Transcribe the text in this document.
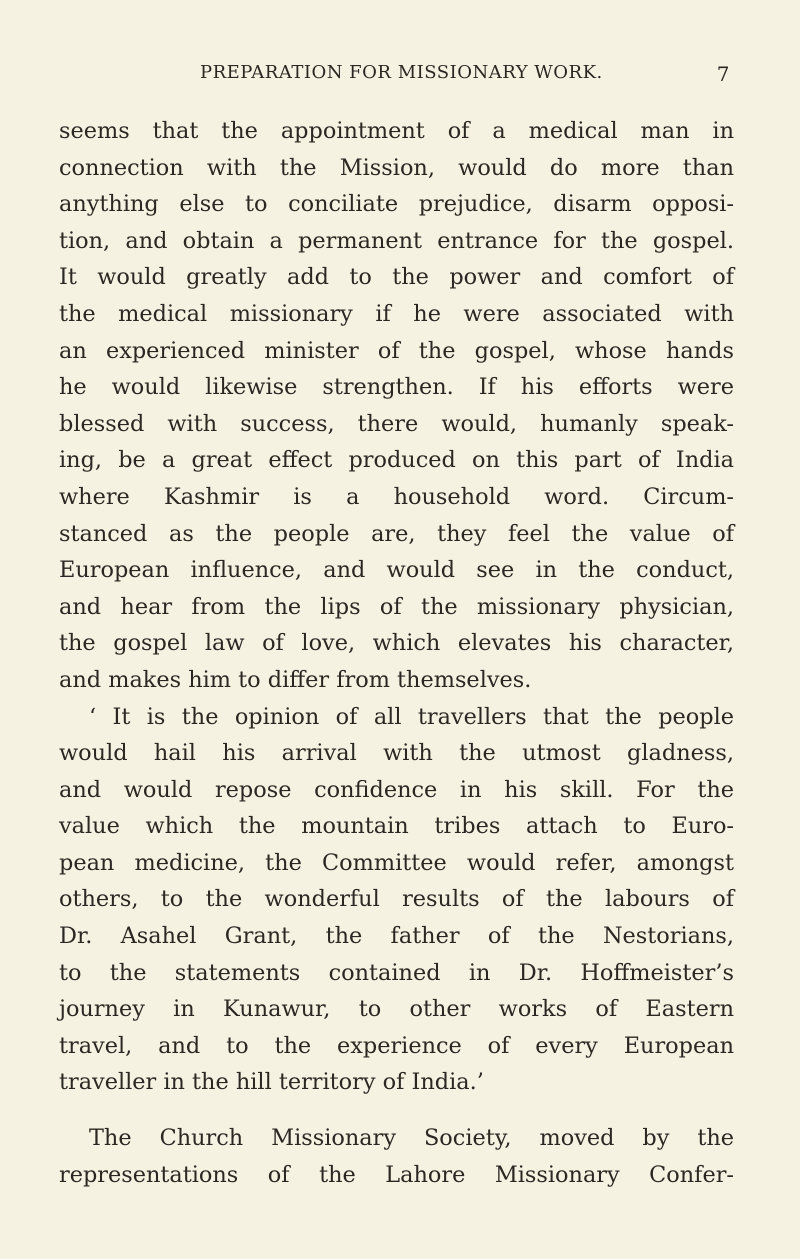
PREPARATION FOR MISSIONARY WORK.	7
seems that the appointment of a medical man in
connection with the Mission, would do more than
anything else to conciliate prejudice, disarm opposi-
tion, and obtain a permanent entrance for the gospel.
It would greatly add to the power and comfort of
the medical missionary if he were associated with
an experienced minister of the gospel, whose hands
he would likewise strengthen. If his efforts were
blessed with success, there would, humanly speak-
ing, be a great effect produced on this part of India
where Kashmir is a household word. Circum-
stanced as the people are, they feel the value of
European influence, and would see in the conduct,
and hear from the lips of the missionary physician,
the gospel law of love, which elevates his character,
and makes him to differ from themselves.
‘ It is the opinion of all travellers that the people
would hail his arrival with the utmost gladness,
and would repose confidence in his skill. For the
value which the mountain tribes attach to Euro-
pean medicine, the Committee would refer, amongst
others, to the wonderful results of the labours of
Dr. Asahel Grant, the father of the Nestorians,
to the statements contained in Dr. Hoffmeister’s
journey in Kunawur, to other works of Eastern
travel, and to the experience of every European
traveller in the hill territory of India.’
The Church Missionary Society, moved by the
representations of the Lahore Missionary Confer-
